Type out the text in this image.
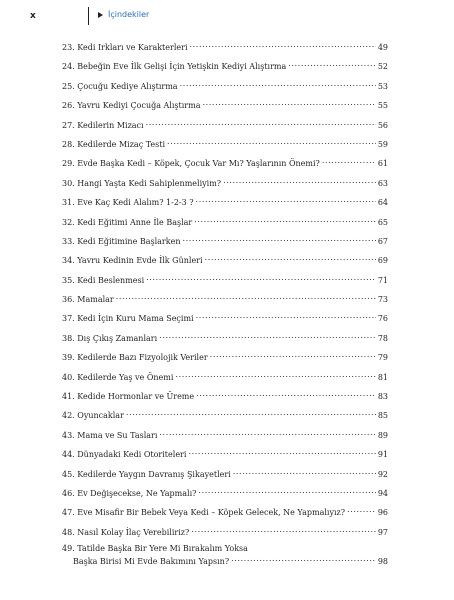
x	İçindekiler
23. Kedi Irkları ve Karakterleri .....	49
24. Bebeğin Eve İlk Gelişi İçin Yetişkin Kediyi Alıştırma .....	52
25. Çocuğu Kediye Alıştırma .....	53
26. Yavru Kediyi Çocuğa Alıştırma .....	55
27. Kedilerin Mizacı .....	56
28. Kedilerde Mizaç Testi .....	59
29. Evde Başka Kedi – Köpek, Çocuk Var Mı? Yaşlarının Önemi? .....	61
30. Hangi Yaşta Kedi Sahiplenmeliyim? .....	63
31. Eve Kaç Kedi Alalım? 1-2-3 ? .....	64
32. Kedi Eğitimi Anne İle Başlar .....	65
33. Kedi Eğitimine Başlarken .....	67
34. Yavru Kedinin Evde İlk Günleri .....	69
35. Kedi Beslenmesi .....	71
36. Mamalar .....	73
37. Kedi İçin Kuru Mama Seçimi .....	76
38. Dış Çıkış Zamanları .....	78
39. Kedilerde Bazı Fizyolojik Veriler .....	79
40. Kedilerde Yaş ve Önemi .....	81
41. Kedide Hormonlar ve Üreme .....	83
42. Oyuncaklar .....	85
43. Mama ve Su Tasları .....	89
44. Dünyadaki Kedi Otoriteleri .....	91
45. Kedilerde Yaygın Davranış Şikayetleri .....	92
46. Ev Değişecekse, Ne Yapmalı? .....	94
47. Eve Misafir Bir Bebek Veya Kedi – Köpek Gelecek, Ne Yapmalıyız? .....	96
48. Nasıl Kolay İlaç Verebiliriz? .....	97
49. Tatilde Başka Bir Yere Mi Bırakalım Yoksa
Başka Birisi Mi Evde Bakımını Yapsın? .....	98
